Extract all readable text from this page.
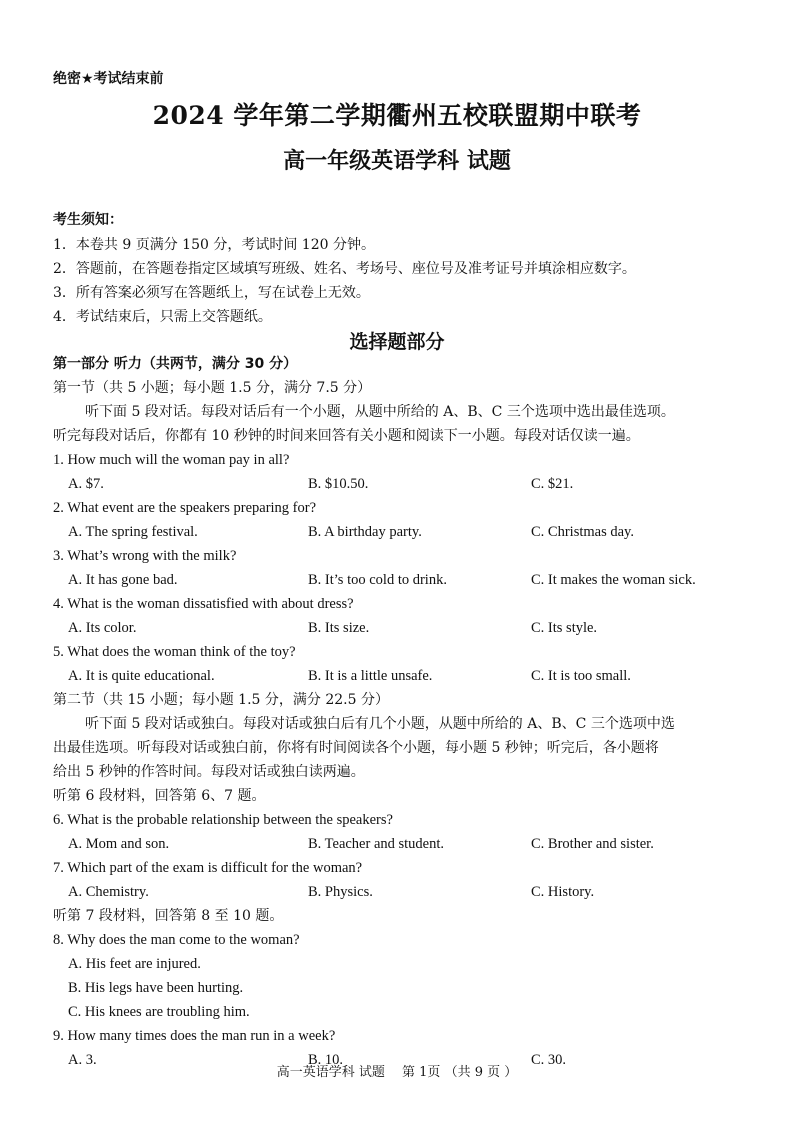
绝密★考试结束前
2024 学年第二学期衢州五校联盟期中联考
高一年级英语学科 试题
考生须知：
1．本卷共 9 页满分 150 分，考试时间 120 分钟。
2．答题前，在答题卷指定区域填写班级、姓名、考场号、座位号及准考证号并填涂相应数字。
3．所有答案必须写在答题纸上，写在试卷上无效。
4．考试结束后，只需上交答题纸。
选择题部分
第一部分 听力（共两节，满分 30 分）
第一节（共 5 小题；每小题 1.5 分，满分 7.5 分）
听下面 5 段对话。每段对话后有一个小题，从题中所给的 A、B、C 三个选项中选出最佳选项。
听完每段对话后，你都有 10 秒钟的时间来回答有关小题和阅读下一小题。每段对话仅读一遍。
1. How much will the woman pay in all?
A. $7.	B. $10.50.	C. $21.
2. What event are the speakers preparing for?
A. The spring festival.	B. A birthday party.	C. Christmas day.
3. What’s wrong with the milk?
A. It has gone bad.	B. It’s too cold to drink.	C. It makes the woman sick.
4. What is the woman dissatisfied with about dress?
A. Its color.	B. Its size.	C. Its style.
5. What does the woman think of the toy?
A. It is quite educational.	B. It is a little unsafe.	C. It is too small.
第二节（共 15 小题；每小题 1.5 分，满分 22.5 分）
听下面 5 段对话或独白。每段对话或独白后有几个小题，从题中所给的 A、B、C 三个选项中选
出最佳选项。听每段对话或独白前，你将有时间阅读各个小题，每小题 5 秒钟；听完后，各小题将
给出 5 秒钟的作答时间。每段对话或独白读两遍。
听第 6 段材料，回答第 6、7 题。
6. What is the probable relationship between the speakers?
A. Mom and son.	B. Teacher and student.	C. Brother and sister.
7. Which part of the exam is difficult for the woman?
A. Chemistry.	B. Physics.	C. History.
听第 7 段材料，回答第 8 至 10 题。
8. Why does the man come to the woman?
A. His feet are injured.
B. His legs have been hurting.
C. His knees are troubling him.
9. How many times does the man run in a week?
A. 3.	B. 10.	C. 30.
高一英语学科 试题　 第 1页 （共 9 页 ）
